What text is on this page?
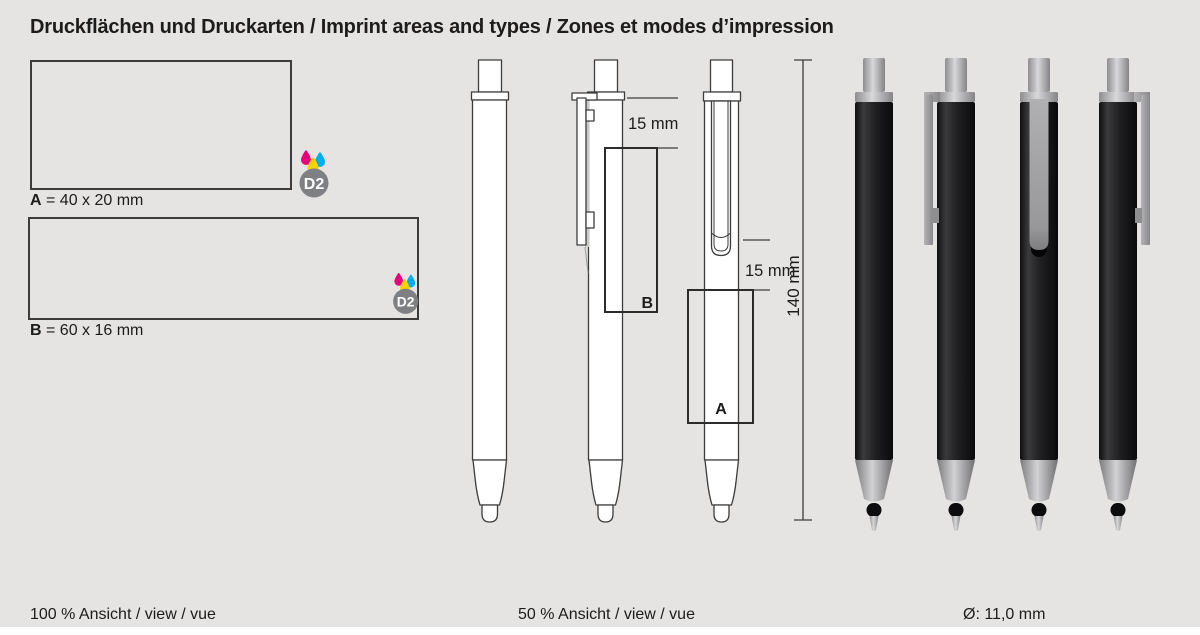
Druckflächen und Druckarten / Imprint areas and types / Zones et modes d’impression
A = 40 x 20 mm
D2
B = 60 x 16 mm
D2
15 mm
B
15 mm
A
140 mm
100 % Ansicht / view / vue	50 % Ansicht / view / vue	Ø: 11,0 mm
